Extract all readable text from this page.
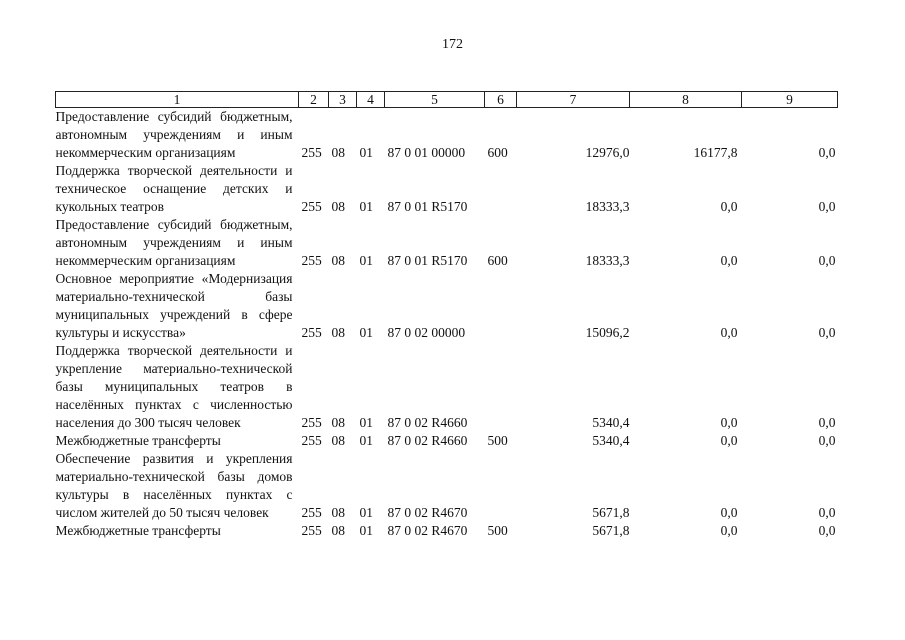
172
1	2	3	4	5	6	7	8	9
Предоставление субсидий бюджетным, автономным учреждениям и иным некоммерческим организациям	255	08	01	87 0 01 00000	600	12976,0	16177,8	0,0
Поддержка творческой деятельности и техническое оснащение детских и кукольных театров	255	08	01	87 0 01 R5170		18333,3	0,0	0,0
Предоставление субсидий бюджетным, автономным учреждениям и иным некоммерческим организациям	255	08	01	87 0 01 R5170	600	18333,3	0,0	0,0
Основное мероприятие «Модернизация материально-технической базы муниципальных учреждений в сфере культуры и искусства»	255	08	01	87 0 02 00000		15096,2	0,0	0,0
Поддержка творческой деятельности и укрепление материально-технической базы муниципальных театров в населённых пунктах с численностью населения до 300 тысяч человек	255	08	01	87 0 02 R4660		5340,4	0,0	0,0
Межбюджетные трансферты	255	08	01	87 0 02 R4660	500	5340,4	0,0	0,0
Обеспечение развития и укрепления материально-технической базы домов культуры в населённых пунктах с числом жителей до 50 тысяч человек	255	08	01	87 0 02 R4670		5671,8	0,0	0,0
Межбюджетные трансферты	255	08	01	87 0 02 R4670	500	5671,8	0,0	0,0
